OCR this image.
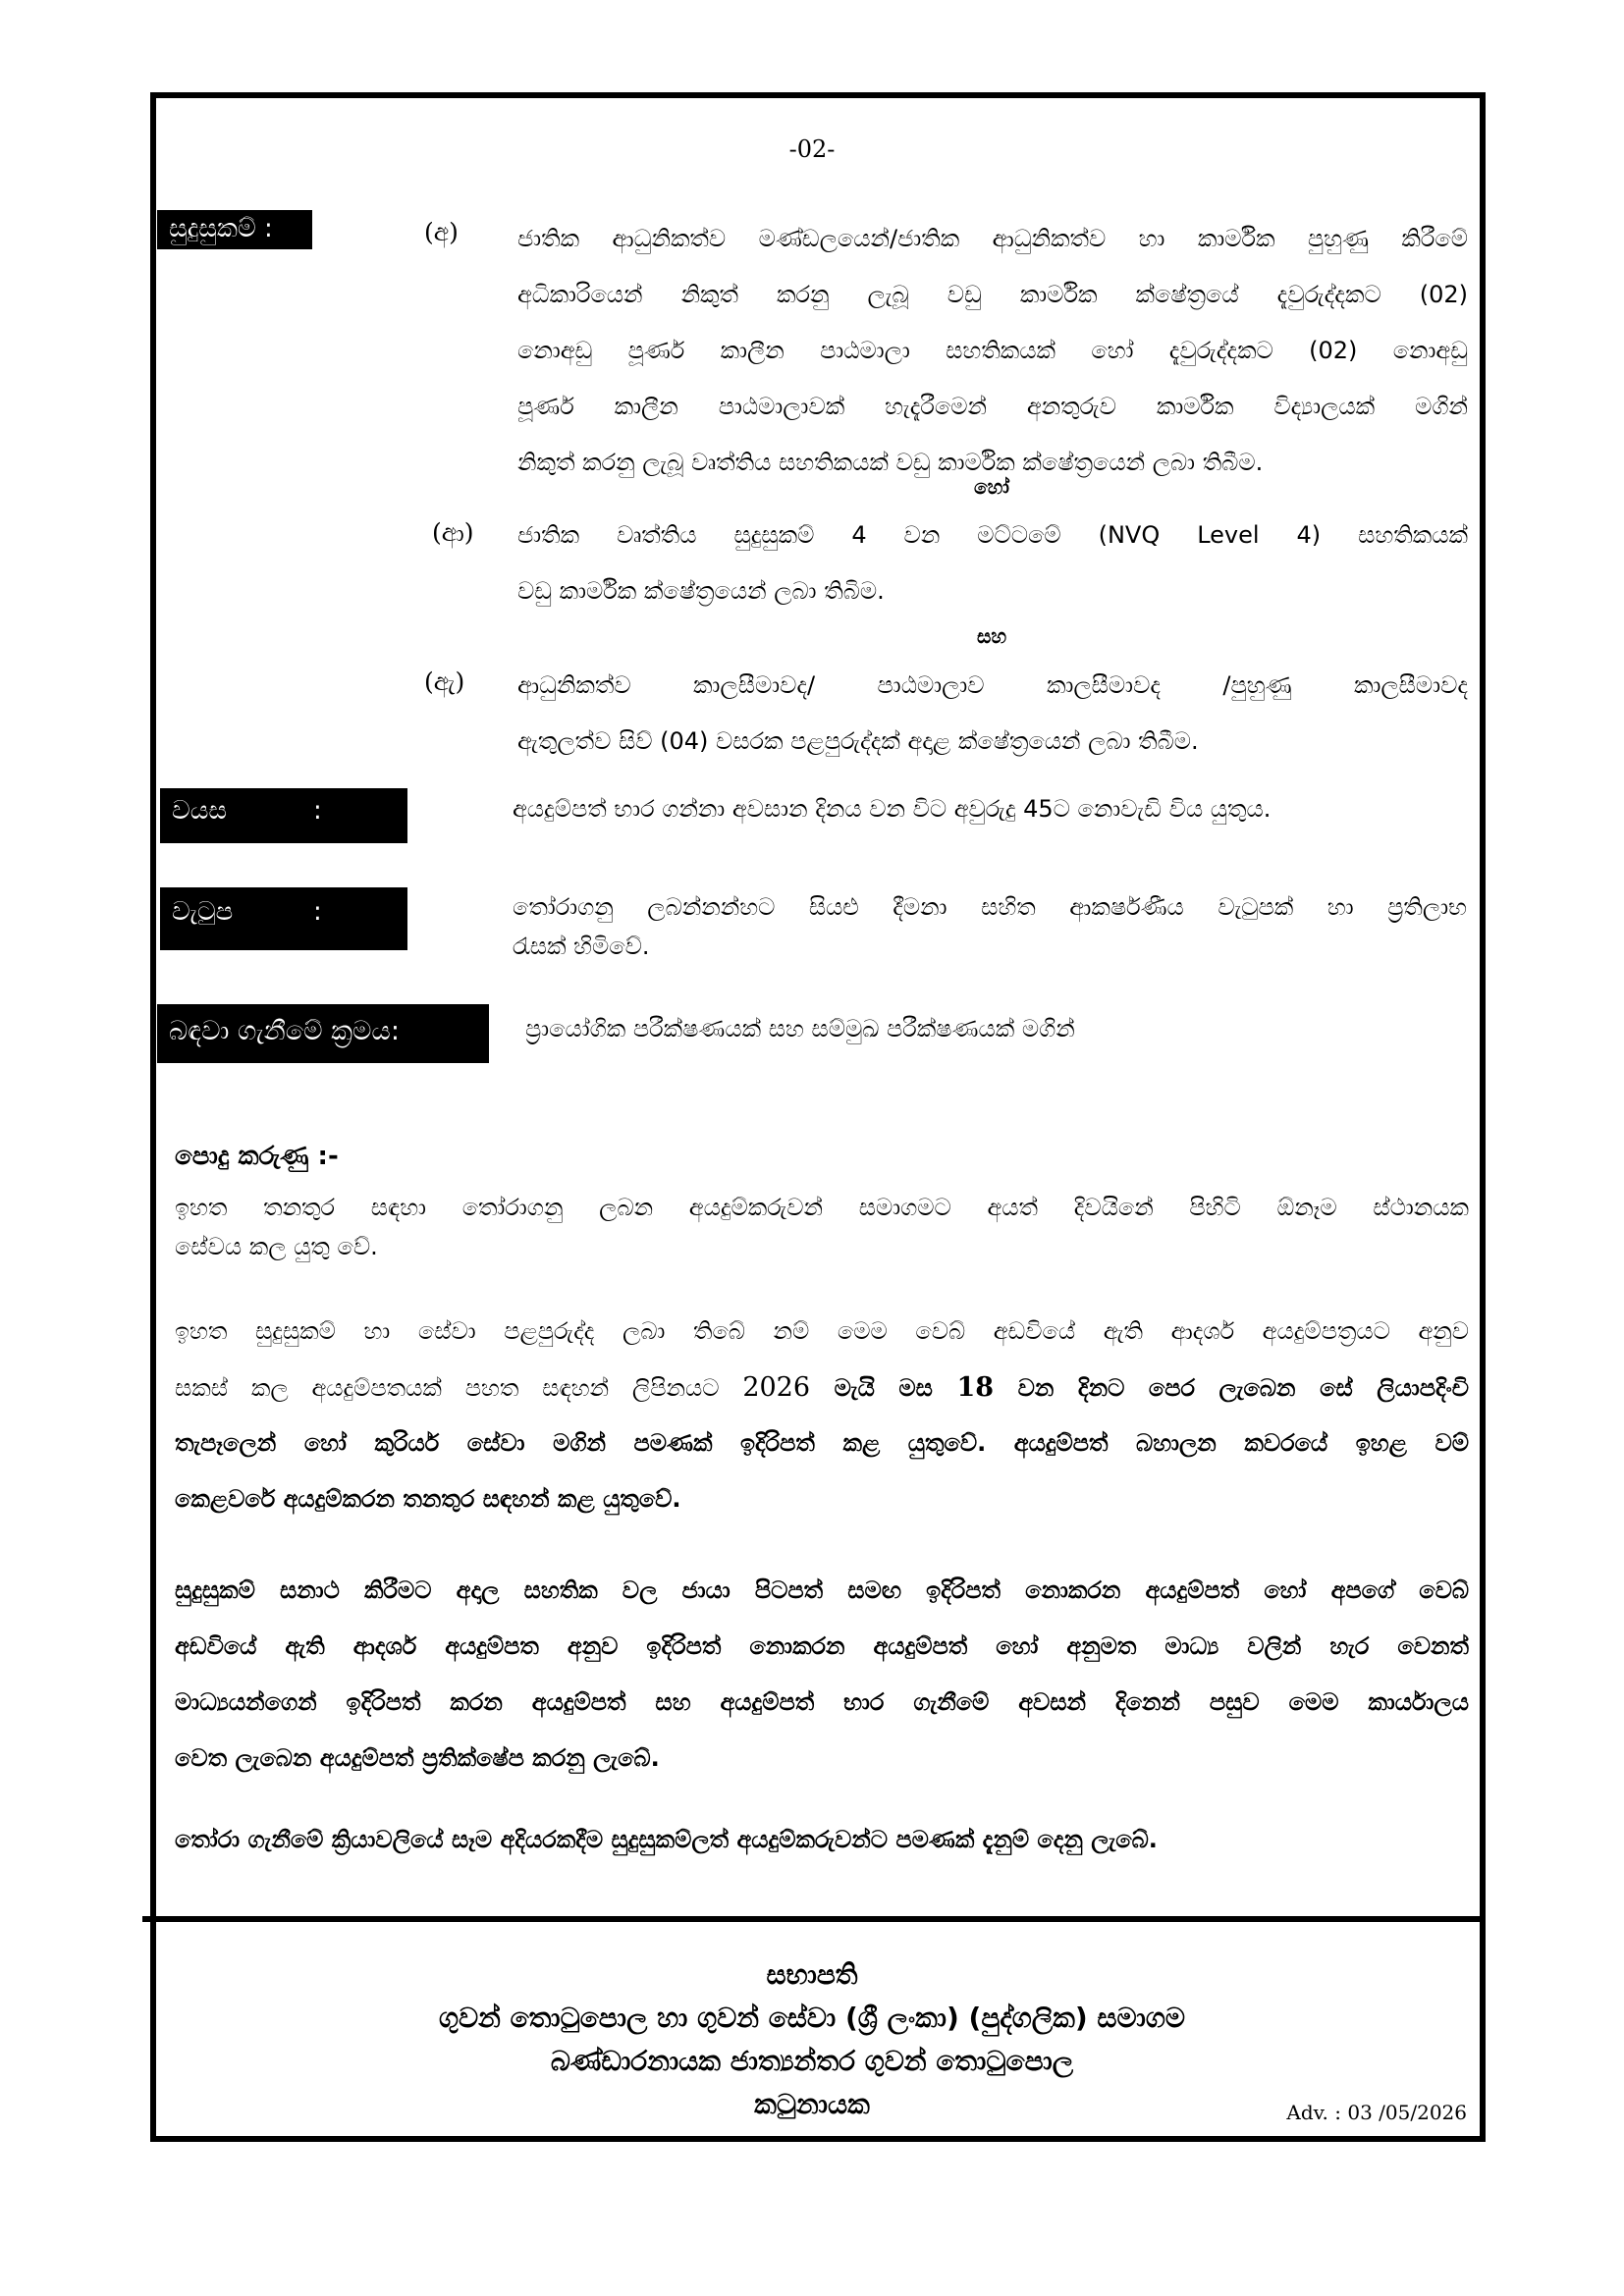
-02-
සුදුසුකම් :	(අ)	ජාතික ආධුනිකත්ව මණ්ඩලයෙන්/ජාතික ආධුනිකත්ව හා කාර්මික පුහුණු කිරීමේ
අධිකාරියෙන් නිකුත් කරනු ලැබූ වඩු කාර්මික ක්ෂේත්‍රයේ දැවුරුද්දකට (02)
නොඅඩු පූර්ණ කාලීන පාඨමාලා සහතිකයක් හෝ දැවුරුද්දකට (02) නොඅඩු
පූර්ණ කාලීන පාඨමාලාවක් හැදැරීමෙන් අනතුරුව කාර්මික විද්‍යාලයක් මගින්
නිකුත් කරනු ලැබූ වෘත්තිය සහතිකයක් වඩු කාර්මික ක්ෂේත්‍රයෙන් ලබා තිබීම.
හෝ
(ආ) ජාතික වෘත්තිය සුදුසුකම් 4 වන මට්ටමේ (NVQ Level 4) සහතිකයක්
වඩු කාර්මික ක්ෂේත්‍රයෙන් ලබා තිබිම.
සහ
(ඇ) ආධුනිකත්ව කාලසීමාවද/ පාඨමාලාව කාලසීමාවද /පුහුණු කාලසීමාවද
ඇතුලත්ව සිව් (04) වසරක පළපුරුද්දක් අදාළ ක්ෂේත්‍රයෙන් ලබා තිබීම.
වයස	:	අයදුම්පත් භාර ගන්නා අවසාන දිනය වන විට අවුරුදු 45ට නොවැඩි විය යුතුය.
වැටුප	:	තෝරාගනු ලබන්නන්හට සියළු දීමනා සහිත ආකර්ෂණීය වැටුපක් හා ප්‍රතිලාභ
රැසක් හිමිවේ.
බඳවා ගැනීමේ ක්‍රමය:	ප්‍රායෝගික පරීක්ෂණයක් සහ සම්මුඛ පරීක්ෂණයක් මගින්
පොදු කරුණු :-
ඉහත තනතුර සඳහා තෝරාගනු ලබන අයදුම්කරුවන් සමාගමට අයත් දිවයිනේ පිහිටි ඕනෑම ස්ථානයක
සේවය කල යුතු වේ.
ඉහත සුදුසුකම් හා සේවා පළපුරුද්ද ලබා තිබේ නම් මෙම වෙබ් අඩවියේ ඇති ආදර්ශ අයදුම්පත්‍රයට අනුව
සකස් කල අයදුම්පතයක් පහත සඳහන් ලිපිනයට 2026 මැයි මස 18 වන දිනට පෙර ලැබෙන සේ ලියාපදිංචි
තැපෑලෙන් හෝ කුරියර් සේවා මගින් පමණක් ඉදිරිපත් කළ යුතුවේ. අයදුම්පත් බහාලන කවරයේ ඉහළ වම්
කෙළවරේ අයදුම්කරන තනතුර සඳහන් කළ යුතුවේ.
සුදුසුකම් සනාථ කිරීමට අදාල සහතික වල ජායා පිටපත් සමඟ ඉදිරිපත් නොකරන අයදුම්පත් හෝ අපගේ වෙබ්
අඩවියේ ඇති ආදර්ශ අයදුම්පත අනුව ඉදිරිපත් නොකරන අයදුම්පත් හෝ අනුමත මාධ්‍ය වලින් හැර වෙනත්
මාධ්‍යයන්ගෙන් ඉදිරිපත් කරන අයදුම්පත් සහ අයදුම්පත් භාර ගැනීමේ අවසන් දිනෙන් පසුව මෙම කාර්යාලය
වෙත ලැබෙන අයදුම්පත් ප්‍රතික්ෂේප කරනු ලැබේ.
තෝරා ගැනීමේ ක්‍රියාවලියේ සෑම අදියරකදීම සුදුසුකම්ලත් අයදුම්කරුවන්ට පමණක් දැනුම් දෙනු ලැබේ.
සභාපති
ගුවන් තොටුපොල හා ගුවන් සේවා (ශ්‍රී ලංකා) (පුද්ගලික) සමාගම
බණ්ඩාරනායක ජාත්‍යන්තර ගුවන් තොටුපොල
කටුනායක	Adv. : 03 /05/2026
